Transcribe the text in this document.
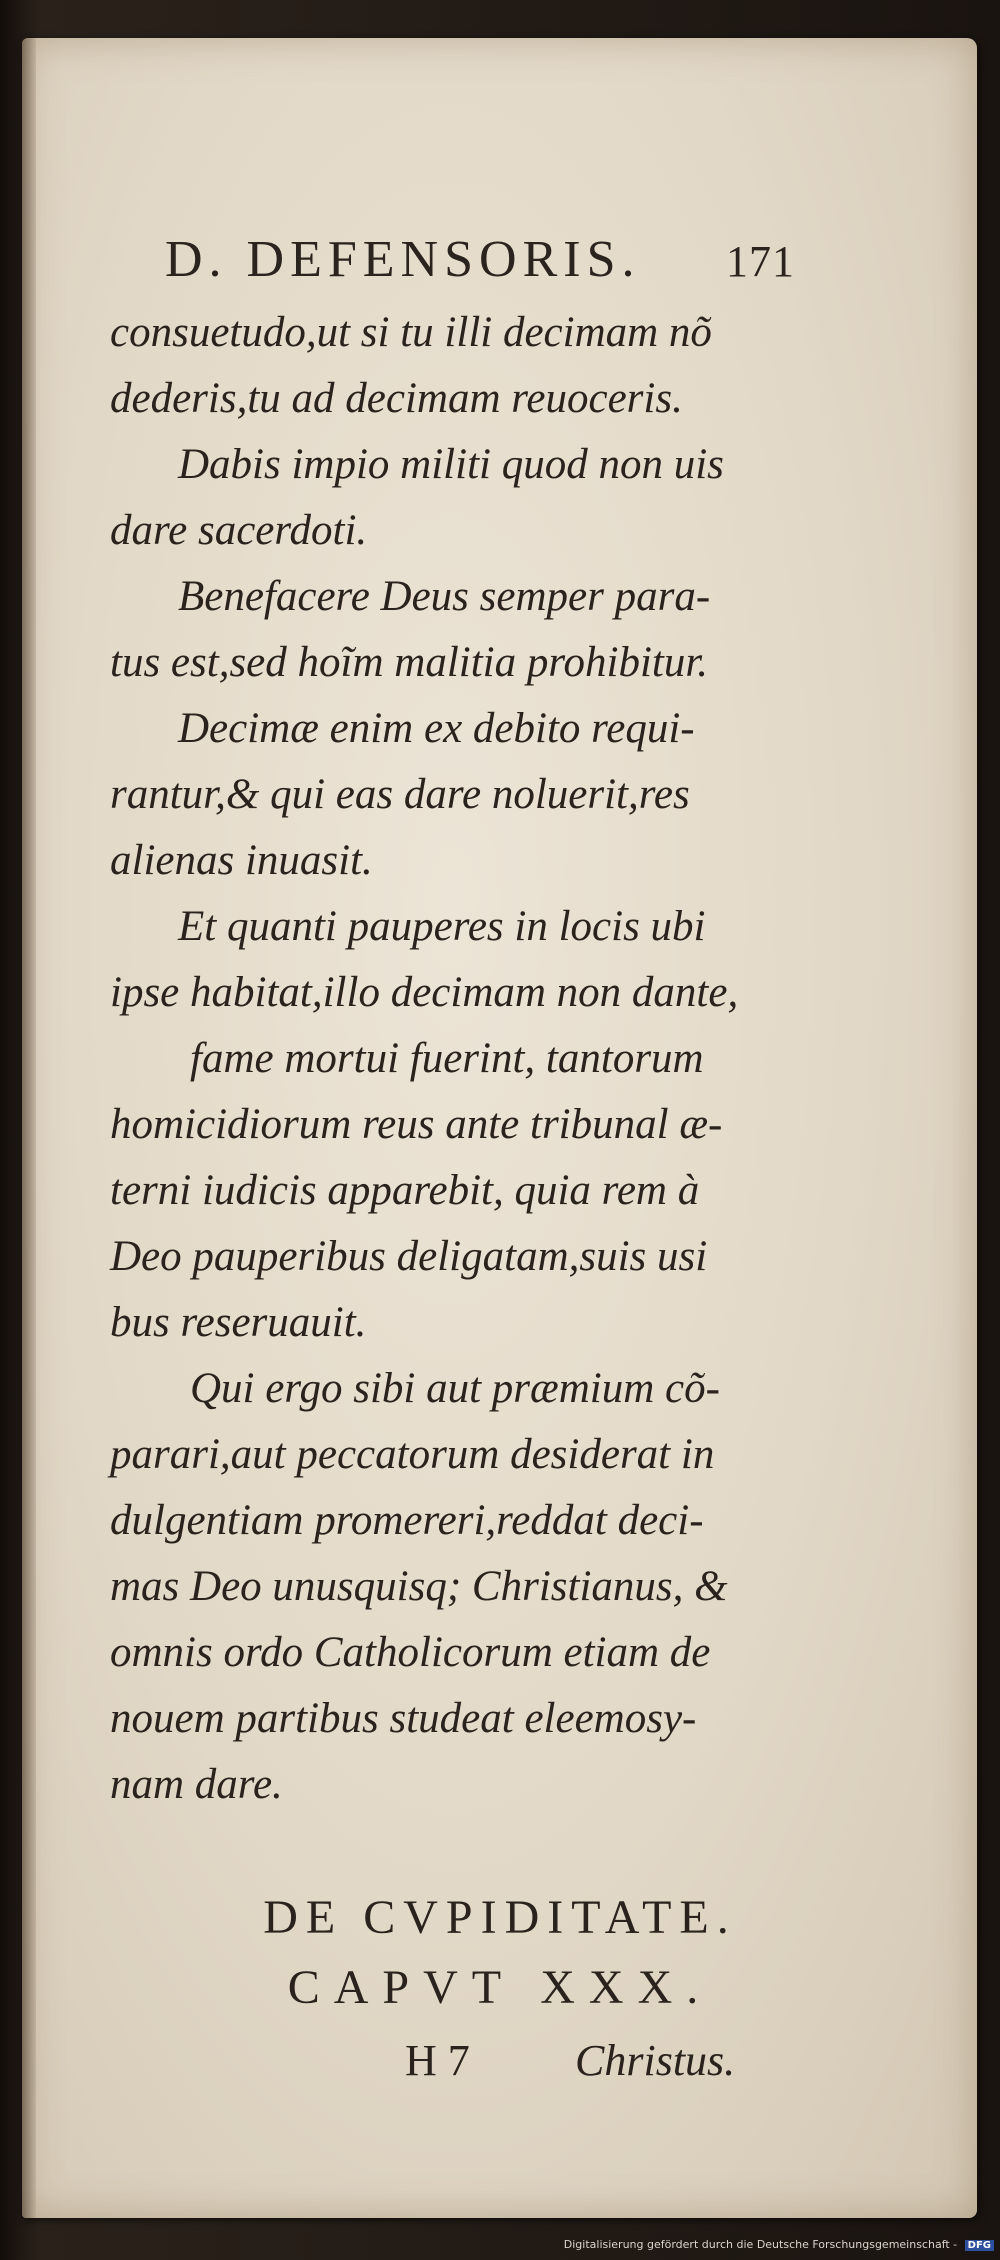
D. DEFENSORIS. 171
consuetudo,ut si tu illi decimam nõ
dederis,tu ad decimam reuoceris.
Dabis impio militi quod non uis
dare sacerdoti.
Benefacere Deus semper para-
tus est,sed hoĩm malitia prohibitur.
Decimæ enim ex debito requi-
rantur,& qui eas dare noluerit,res
alienas inuasit.
Et quanti pauperes in locis ubi
ipse habitat,illo decimam non dante,
fame mortui fuerint, tantorum
homicidiorum reus ante tribunal æ-
terni iudicis apparebit, quia rem à
Deo pauperibus deligatam,suis usi
bus reseruauit.
Qui ergo sibi aut præmium cõ-
parari,aut peccatorum desiderat in
dulgentiam promereri,reddat deci-
mas Deo unusquisq; Christianus, &
omnis ordo Catholicorum etiam de
nouem partibus studeat eleemosy-
nam dare.
DE CVPIDITATE.
CAPVT XXX.
H 7 Christus.
Digitalisierung gefördert durch die Deutsche Forschungsgemeinschaft - DFG
